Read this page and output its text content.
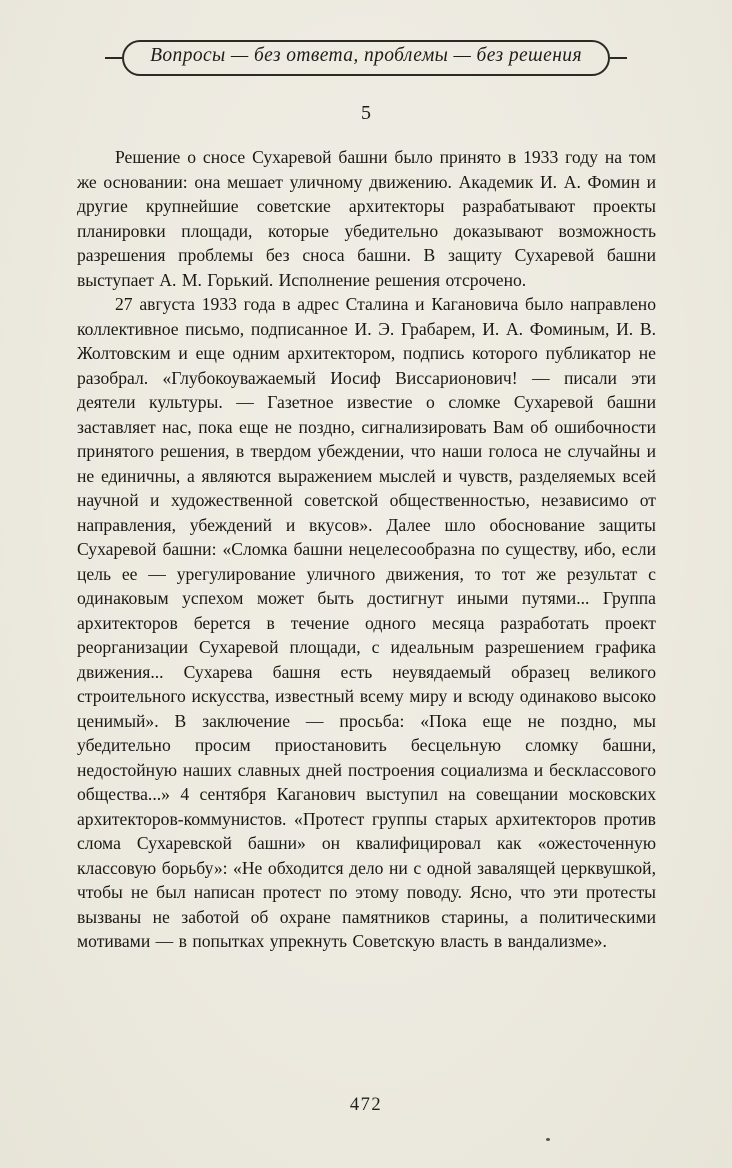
Вопросы — без ответа, проблемы — без решения
5

Решение о сносе Сухаревой башни было принято в 1933 году на том же основании: она мешает уличному движению. Академик И. А. Фомин и другие крупнейшие советские архитекторы разрабатывают проекты планировки площади, которые убедительно доказывают возможность разрешения проблемы без сноса башни. В защиту Сухаревой башни выступает А. М. Горький. Исполнение решения отсрочено.

27 августа 1933 года в адрес Сталина и Кагановича было направлено коллективное письмо, подписанное И. Э. Грабарем, И. А. Фоминым, И. В. Жолтовским и еще одним архитектором, подпись которого публикатор не разобрал. «Глубокоуважаемый Иосиф Виссарионович! — писали эти деятели культуры. — Газетное известие о сломке Сухаревой башни заставляет нас, пока еще не поздно, сигнализировать Вам об ошибочности принятого решения, в твердом убеждении, что наши голоса не случайны и не единичны, а являются выражением мыслей и чувств, разделяемых всей научной и художественной советской общественностью, независимо от направления, убеждений и вкусов». Далее шло обоснование защиты Сухаревой башни: «Сломка башни нецелесообразна по существу, ибо, если цель ее — урегулирование уличного движения, то тот же результат с одинаковым успехом может быть достигнут иными путями... Группа архитекторов берется в течение одного месяца разработать проект реорганизации Сухаревой площади, с идеальным разрешением графика движения... Сухарева башня есть неувядаемый образец великого строительного искусства, известный всему миру и всюду одинаково высоко ценимый». В заключение — просьба: «Пока еще не поздно, мы убедительно просим приостановить бесцельную сломку башни, недостойную наших славных дней построения социализма и бесклассового общества...» 4 сентября Каганович выступил на совещании московских архитекторов-коммунистов. «Протест группы старых архитекторов против слома Сухаревской башни» он квалифицировал как «ожесточенную классовую борьбу»: «Не обходится дело ни с одной завалящей церквушкой, чтобы не был написан протест по этому поводу. Ясно, что эти протесты вызваны не заботой об охране памятников старины, а политическими мотивами — в попытках упрекнуть Советскую власть в вандализме».

472
